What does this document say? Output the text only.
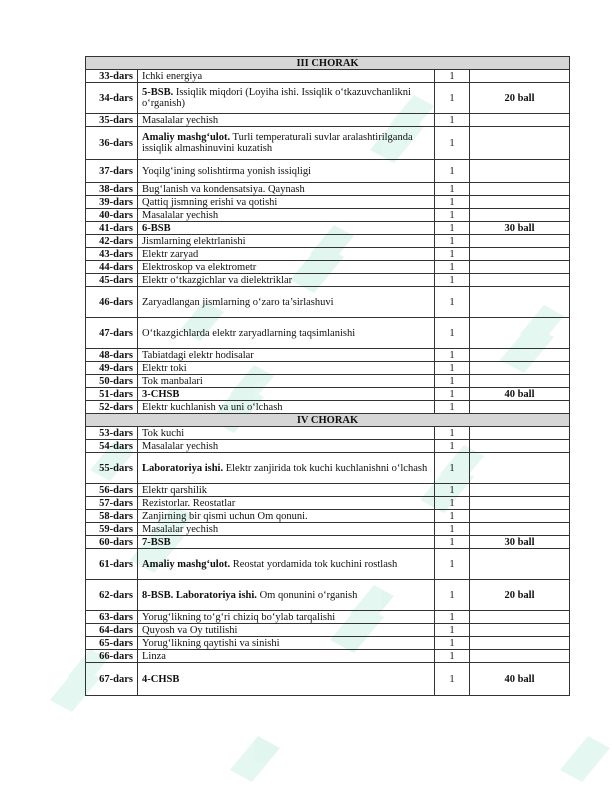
III CHORAK			
33-dars	Ichki energiya	1	
34-dars	5-BSB. Issiqlik miqdori (Loyiha ishi. Issiqlik o‘tkazuvchanlikni o‘rganish)	1	20 ball
35-dars	Masalalar yechish	1	
36-dars	Amaliy mashg‘ulot. Turli temperaturali suvlar aralashtirilganda issiqlik almashinuvini kuzatish	1	
37-dars	Yoqilg‘ining solishtirma yonish issiqligi	1	
38-dars	Bug‘lanish va kondensatsiya. Qaynash	1	
39-dars	Qattiq jismning erishi va qotishi	1	
40-dars	Masalalar yechish	1	
41-dars	6-BSB	1	30 ball
42-dars	Jismlarning elektrlanishi	1	
43-dars	Elektr zaryad	1	
44-dars	Elektroskop va elektrometr	1	
45-dars	Elektr o‘tkazgichlar va dielektriklar	1	
46-dars	Zaryadlangan jismlarning o‘zaro ta’sirlashuvi	1	
47-dars	O‘tkazgichlarda elektr zaryadlarning taqsimlanishi	1	
48-dars	Tabiatdagi elektr hodisalar	1	
49-dars	Elektr toki	1	
50-dars	Tok manbalari	1	
51-dars	3-CHSB	1	40 ball
52-dars	Elektr kuchlanish va uni o‘lchash	1	
IV CHORAK			
53-dars	Tok kuchi	1	
54-dars	Masalalar yechish	1	
55-dars	Laboratoriya ishi. Elektr zanjirida tok kuchi kuchlanishni o‘lchash	1	
56-dars	Elektr qarshilik	1	
57-dars	Rezistorlar. Reostatlar	1	
58-dars	Zanjirning bir qismi uchun Om qonuni.	1	
59-dars	Masalalar yechish	1	
60-dars	7-BSB	1	30 ball
61-dars	Amaliy mashg‘ulot. Reostat yordamida tok kuchini rostlash	1	
62-dars	8-BSB. Laboratoriya ishi. Om qonunini o‘rganish	1	20 ball
63-dars	Yorug‘likning to‘g‘ri chiziq bo‘ylab tarqalishi	1	
64-dars	Quyosh va Oy tutilishi	1	
65-dars	Yorug‘likning qaytishi va sinishi	1	
66-dars	Linza	1	
67-dars	4-CHSB	1	40 ball
